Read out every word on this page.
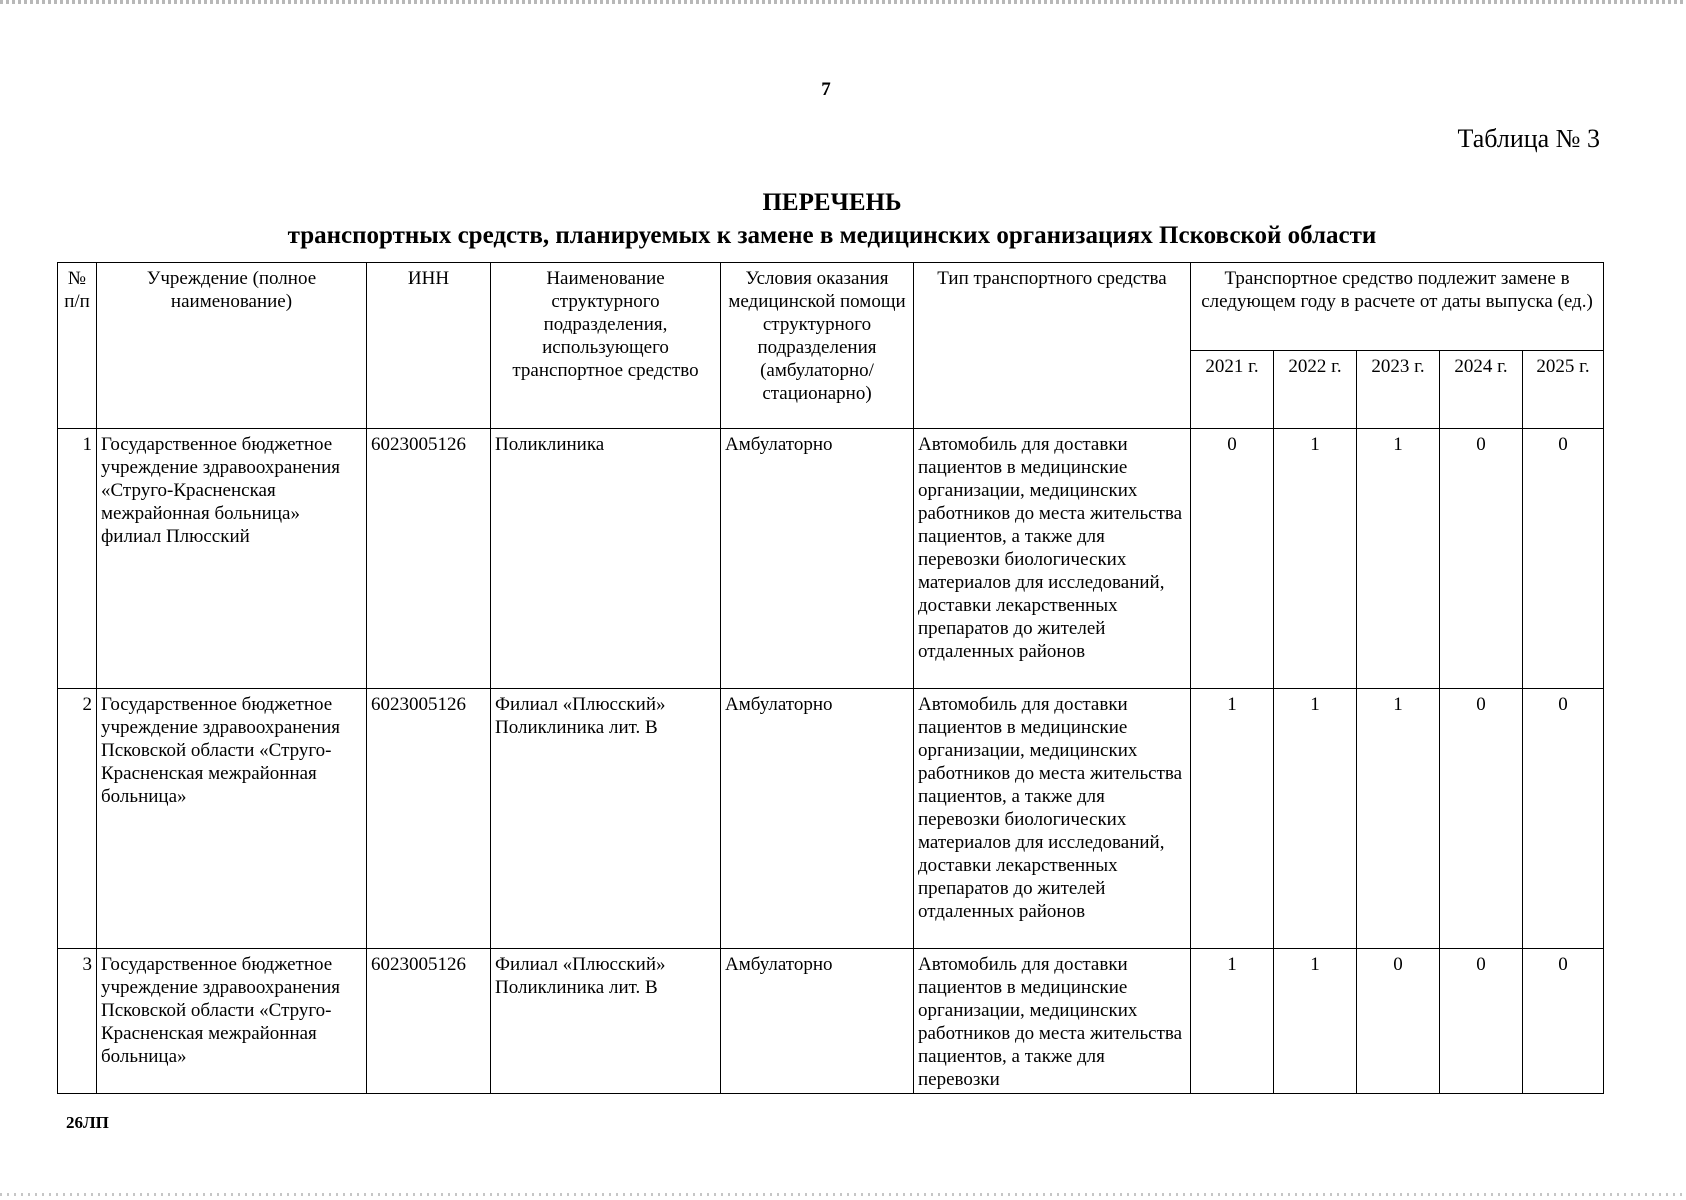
7
Таблица № 3
ПЕРЕЧЕНЬ
транспортных средств, планируемых к замене в медицинских организациях Псковской области
№ п/п	Учреждение (полное наименование)	ИНН	Наименование структурного подразделения, использующего транспортное средство	Условия оказания медицинской помощи структурного подразделения (амбулаторно/стационарно)	Тип транспортного средства	Транспортное средство подлежит замене в следующем году в расчете от даты выпуска (ед.)				
						2021 г.	2022 г.	2023 г.	2024 г.	2025 г.
1	Государственное бюджетное учреждение здравоохранения «Струго-Красненская межрайонная больница» филиал Плюсский	6023005126	Поликлиника	Амбулаторно	Автомобиль для доставки пациентов в медицинские организации, медицинских работников до места жительства пациентов, а также для перевозки биологических материалов для исследований, доставки лекарственных препаратов до жителей отдаленных районов	0	1	1	0	0
2	Государственное бюджетное учреждение здравоохранения Псковской области «Струго-Красненская межрайонная больница»	6023005126	Филиал «Плюсский» Поликлиника лит. В	Амбулаторно	Автомобиль для доставки пациентов в медицинские организации, медицинских работников до места жительства пациентов, а также для перевозки биологических материалов для исследований, доставки лекарственных препаратов до жителей отдаленных районов	1	1	1	0	0
3	Государственное бюджетное учреждение здравоохранения Псковской области «Струго-Красненская межрайонная больница»	6023005126	Филиал «Плюсский» Поликлиника лит. В	Амбулаторно	Автомобиль для доставки пациентов в медицинские организации, медицинских работников до места жительства пациентов, а также для перевозки	1	1	0	0	0
26ЛП
